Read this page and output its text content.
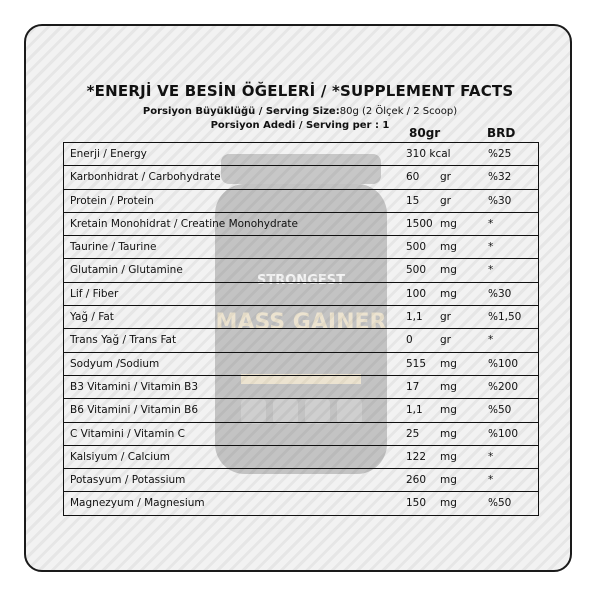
STRONGEST
MASS GAINER
*ENERJİ VE BESİN ÖĞELERİ / *SUPPLEMENT FACTS
Porsiyon Büyüklüğü / Serving Size:80g (2 Ölçek / 2 Scoop)
Porsiyon Adedi / Serving per : 1
80gr	BRD
Enerji / Energy	310 kcal	%25
Karbonhidrat / Carbohydrate	60 gr	%32
Protein / Protein	15 gr	%30
Kretain Monohidrat / Creatine Monohydrate	1500 mg	*
Taurine / Taurine	500 mg	*
Glutamin / Glutamine	500 mg	*
Lif / Fiber	100 mg	%30
Yağ / Fat	1,1 gr	%1,50
Trans Yağ / Trans Fat	0	gr	*
Sodyum /Sodium	515 mg	%100
B3 Vitamini / Vitamin B3	17 mg	%200
B6 Vitamini / Vitamin B6	1,1 mg	%50
C Vitamini / Vitamin C	25 mg	%100
Kalsiyum / Calcium	122 mg	*
Potasyum / Potassium	260 mg	*
Magnezyum / Magnesium	150 mg	%50
